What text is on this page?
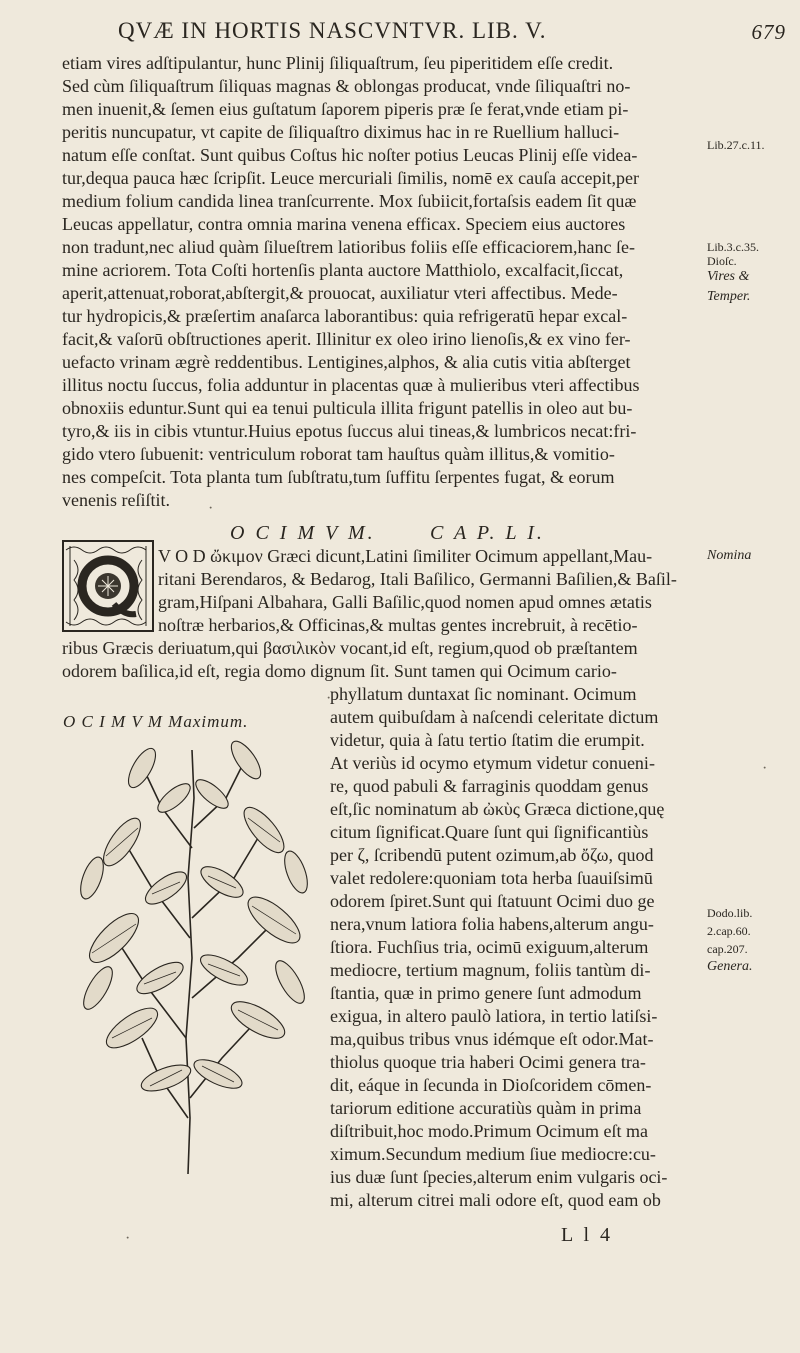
QVÆ IN HORTIS NASCVNTVR. LIB. V.	679
etiam vires adſtipulantur, hunc Plinij ſiliquaſtrum, ſeu piperitidem eſſe credit.
Sed cùm ſiliquaſtrum ſiliquas magnas & oblongas producat, vnde ſiliquaſtri no-
men inuenit,& ſemen eius guſtatum ſaporem piperis præ ſe ferat,vnde etiam pi-
peritis nuncupatur, vt capite de ſiliquaſtro diximus hac in re Ruellium halluci-
natum eſſe conſtat. Sunt quibus Coſtus hic noſter potius Leucas Plinij eſſe videa-
tur,dequa pauca hæc ſcripſit. Leuce mercuriali ſimilis, nomē ex cauſa accepit,per
medium folium candida linea tranſcurrente. Mox ſubiicit,fortaſsis eadem ſit quæ
Leucas appellatur, contra omnia marina venena efficax. Speciem eius auctores
non tradunt,nec aliud quàm ſilueſtrem latioribus foliis eſſe efficaciorem,hanc ſe-
mine acriorem. Tota Coſti hortenſis planta auctore Matthiolo, excalfacit,ſiccat,
aperit,attenuat,roborat,abſtergit,& prouocat, auxiliatur vteri affectibus. Mede-
tur hydropicis,& præſertim anaſarca laborantibus: quia refrigeratū hepar excal-
facit,& vaſorū obſtructiones aperit. Illinitur ex oleo irino lienoſis,& ex vino fer-
uefacto vrinam ægrè reddentibus. Lentigines,alphos, & alia cutis vitia abſterget
illitus noctu ſuccus, folia adduntur in placentas quæ à mulieribus vteri affectibus
obnoxiis eduntur.Sunt qui ea tenui pulticula illita frigunt patellis in oleo aut bu-
tyro,& iis in cibis vtuntur.Huius epotus ſuccus alui tineas,& lumbricos necat:fri-
gido vtero ſubuenit: ventriculum roborat tam hauſtus quàm illitus,& vomitio-
nes compeſcit. Tota planta tum ſubſtratu,tum ſuffitu ſerpentes fugat, & eorum
venenis reſiſtit.
O C I M V M.	C A P. L I.
V O D ὤκιμον Græci dicunt,Latini ſimiliter Ocimum appellant,Mau-
ritani Berendaros, & Bedarog, Itali Baſilico, Germanni Baſilien,& Baſil-
gram,Hiſpani Albahara, Galli Baſilic,quod nomen apud omnes ætatis
noſtræ herbarios,& Officinas,& multas gentes increbruit, à recētio-
ribus Græcis deriuatum,qui βασιλικὸν vocant,id eſt, regium,quod ob præſtantem
odorem baſilica,id eſt, regia domo dignum ſit. Sunt tamen qui Ocimum cario-
O C I M V M Maximum.
phyllatum duntaxat ſic nominant. Ocimum
autem quibuſdam à naſcendi celeritate dictum
videtur, quia à ſatu tertio ſtatim die erumpit.
At veriùs id ocymo etymum videtur conueni-
re, quod pabuli & farraginis quoddam genus
eſt,ſic nominatum ab ὠκὺς Græca dictione,quę
citum ſignificat.Quare ſunt qui ſignificantiùs
per ζ, ſcribendū putent ozimum,ab ὄζω, quod
valet redolere:quoniam tota herba ſuauiſsimū
odorem ſpiret.Sunt qui ſtatuunt Ocimi duo ge
nera,vnum latiora folia habens,alterum angu-
ſtiora. Fuchſius tria, ocimū exiguum,alterum
mediocre, tertium magnum, foliis tantùm di-
ſtantia, quæ in primo genere ſunt admodum
exigua, in altero paulò latiora, in tertio latiſsi-
ma,quibus tribus vnus idémque eſt odor.Mat-
thiolus quoque tria haberi Ocimi genera tra-
dit, eáque in ſecunda in Dioſcoridem cōmen-
tariorum editione accuratiùs quàm in prima
diſtribuit,hoc modo.Primum Ocimum eſt ma
ximum.Secundum medium ſiue mediocre:cu-
ius duæ ſunt ſpecies,alterum enim vulgaris oci-
mi, alterum citrei mali odore eſt, quod eam ob
Lib.27.c.11.
Lib.3.c.35.
Dioſc.
Vires &
Temper.
Nomina
Dodo.lib.
2.cap.60.
cap.207.
Genera.
·
·
·
·
L l 4
